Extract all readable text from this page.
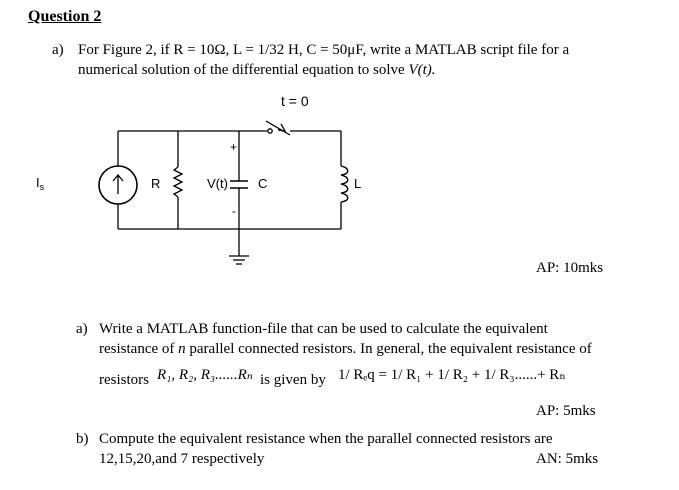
Question 2
a) For Figure 2, if R = 10Ω, L = 1/32 H, C = 50μF, write a MATLAB script file for a
numerical solution of the differential equation to solve V(t).
t = 0
$I_s$	R	V(t) C	L
+
-
AP: 10mks
a) Write a MATLAB function-file that can be used to calculate the equivalent
resistance of n parallel connected resistors. In general, the equivalent resistance of
resistors R₁, R₂, R₃......Rₙ is given by 1/ Rₑq = 1/ R₁ + 1/ R₂ + 1/ R₃......+ Rₙ
AP: 5mks
b) Compute the equivalent resistance when the parallel connected resistors are
12,15,20,and 7 respectively	AN: 5mks
